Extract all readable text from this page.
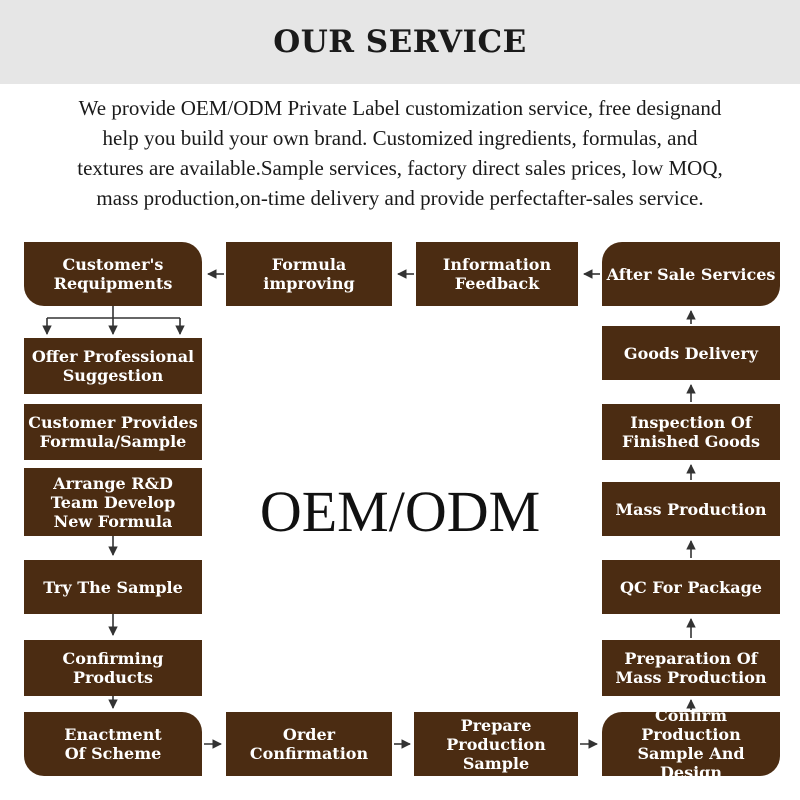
OUR SERVICE
We provide OEM/ODM Private Label customization service, free designand
help you build your own brand. Customized ingredients, formulas, and
textures are available.Sample services, factory direct sales prices, low MOQ,
mass production,on-time delivery and provide perfectafter-sales service.
Customer's
Requipments
Formula
improving
Information
Feedback	After Sale Services
Offer Professional
Suggestion
Customer Provides
Formula/Sample
Arrange R&D
Team Develop
New Formula
Try The Sample
Confirming
Products
Enactment
Of Scheme
Order
Confirmation
Prepare
Production
Sample
Confirm Production
Sample And Design
Preparation Of
Mass Production
QC For Package
Mass Production
Inspection Of
Finished Goods
Goods Delivery
OEM/ODM
